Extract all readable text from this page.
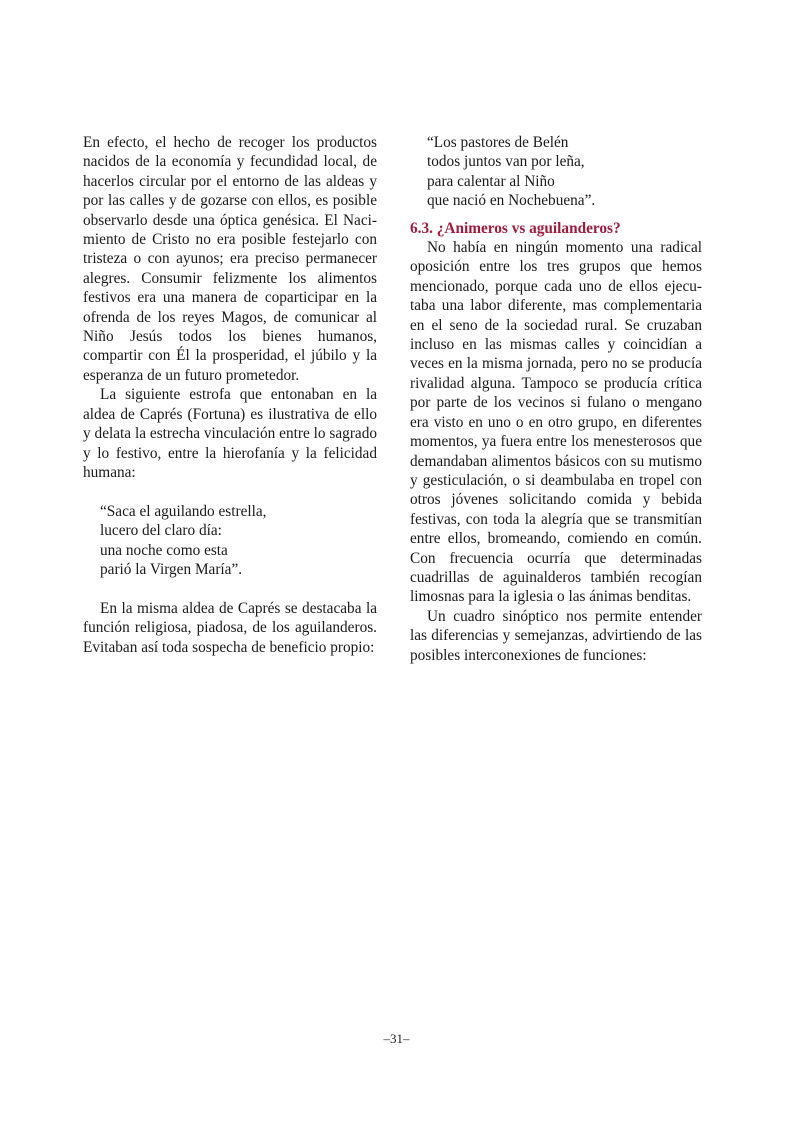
En efecto, el hecho de recoger los productos nacidos de la economía y fecundidad local, de hacerlos circular por el entorno de las aldeas y por las calles y de gozarse con ellos, es posible observarlo desde una óptica genésica. El Nacimiento de Cristo no era posible festejarlo con tristeza o con ayunos; era preciso permanecer alegres. Consumir felizmente los alimentos festivos era una manera de coparticipar en la ofrenda de los reyes Magos, de comunicar al Niño Jesús todos los bienes humanos, compartir con Él la prosperidad, el júbilo y la esperanza de un futuro prometedor.

La siguiente estrofa que entonaban en la aldea de Caprés (Fortuna) es ilustrativa de ello y delata la estrecha vinculación entre lo sagrado y lo festivo, entre la hierofanía y la felicidad humana:

“Saca el aguilando estrella,
lucero del claro día:
una noche como esta
parió la Virgen María”.

En la misma aldea de Caprés se destacaba la función religiosa, piadosa, de los aguilanderos. Evitaban así toda sospecha de beneficio propio:

“Los pastores de Belén
todos juntos van por leña,
para calentar al Niño
que nació en Nochebuena”.
6.3. ¿Animeros vs aguilanderos?

No había en ningún momento una radical oposición entre los tres grupos que hemos mencionado, porque cada uno de ellos ejecutaba una labor diferente, mas complementaria en el seno de la sociedad rural. Se cruzaban incluso en las mismas calles y coincidían a veces en la misma jornada, pero no se producía rivalidad alguna. Tampoco se producía crítica por parte de los vecinos si fulano o mengano era visto en uno o en otro grupo, en diferentes momentos, ya fuera entre los menesterosos que demandaban alimentos básicos con su mutismo y gesticulación, o si deambulaba en tropel con otros jóvenes solicitando comida y bebida festivas, con toda la alegría que se transmitían entre ellos, bromeando, comiendo en común. Con frecuencia ocurría que determinadas cuadrillas de aguinalderos también recogían limosnas para la iglesia o las ánimas benditas.

Un cuadro sinóptico nos permite entender las diferencias y semejanzas, advirtiendo de las posibles interconexiones de funciones:

–31–
